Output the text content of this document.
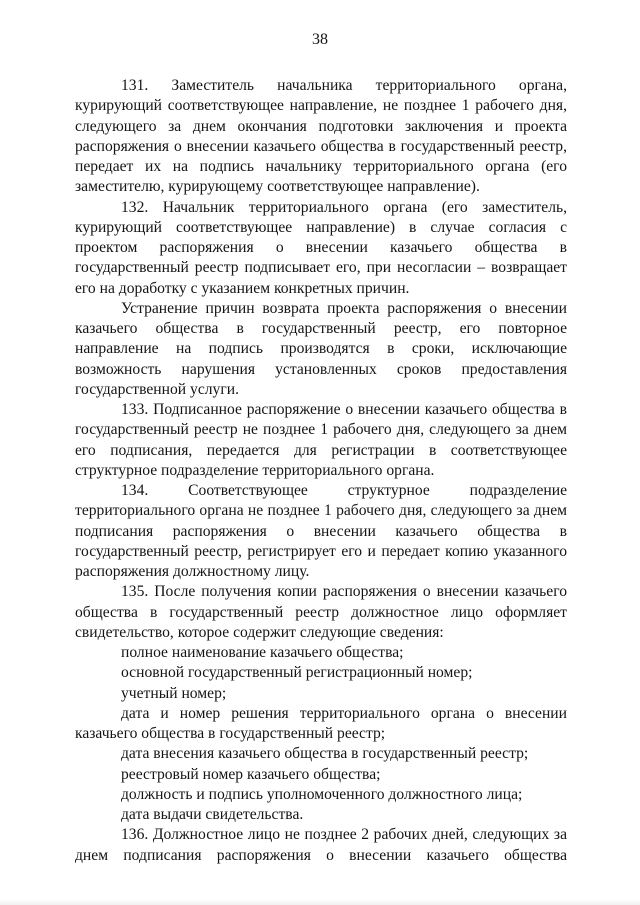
38

131. Заместитель начальника территориального органа, курирующий соответствующее направление, не позднее 1 рабочего дня, следующего за днем окончания подготовки заключения и проекта распоряжения о внесении казачьего общества в государственный реестр, передает их на подпись начальнику территориального органа (его заместителю, курирующему соответствующее направление).

132. Начальник территориального органа (его заместитель, курирующий соответствующее направление) в случае согласия с проектом распоряжения о внесении казачьего общества в государственный реестр подписывает его, при несогласии – возвращает его на доработку с указанием конкретных причин.

Устранение причин возврата проекта распоряжения о внесении казачьего общества в государственный реестр, его повторное направление на подпись производятся в сроки, исключающие возможность нарушения установленных сроков предоставления государственной услуги.

133. Подписанное распоряжение о внесении казачьего общества в государственный реестр не позднее 1 рабочего дня, следующего за днем его подписания, передается для регистрации в соответствующее структурное подразделение территориального органа.

134. Соответствующее структурное подразделение территориального органа не позднее 1 рабочего дня, следующего за днем подписания распоряжения о внесении казачьего общества в государственный реестр, регистрирует его и передает копию указанного распоряжения должностному лицу.

135. После получения копии распоряжения о внесении казачьего общества в государственный реестр должностное лицо оформляет свидетельство, которое содержит следующие сведения:

полное наименование казачьего общества;

основной государственный регистрационный номер;

учетный номер;

дата и номер решения территориального органа о внесении казачьего общества в государственный реестр;

дата внесения казачьего общества в государственный реестр;

реестровый номер казачьего общества;

должность и подпись уполномоченного должностного лица;

дата выдачи свидетельства.

136. Должностное лицо не позднее 2 рабочих дней, следующих за днем подписания распоряжения о внесении казачьего общества
